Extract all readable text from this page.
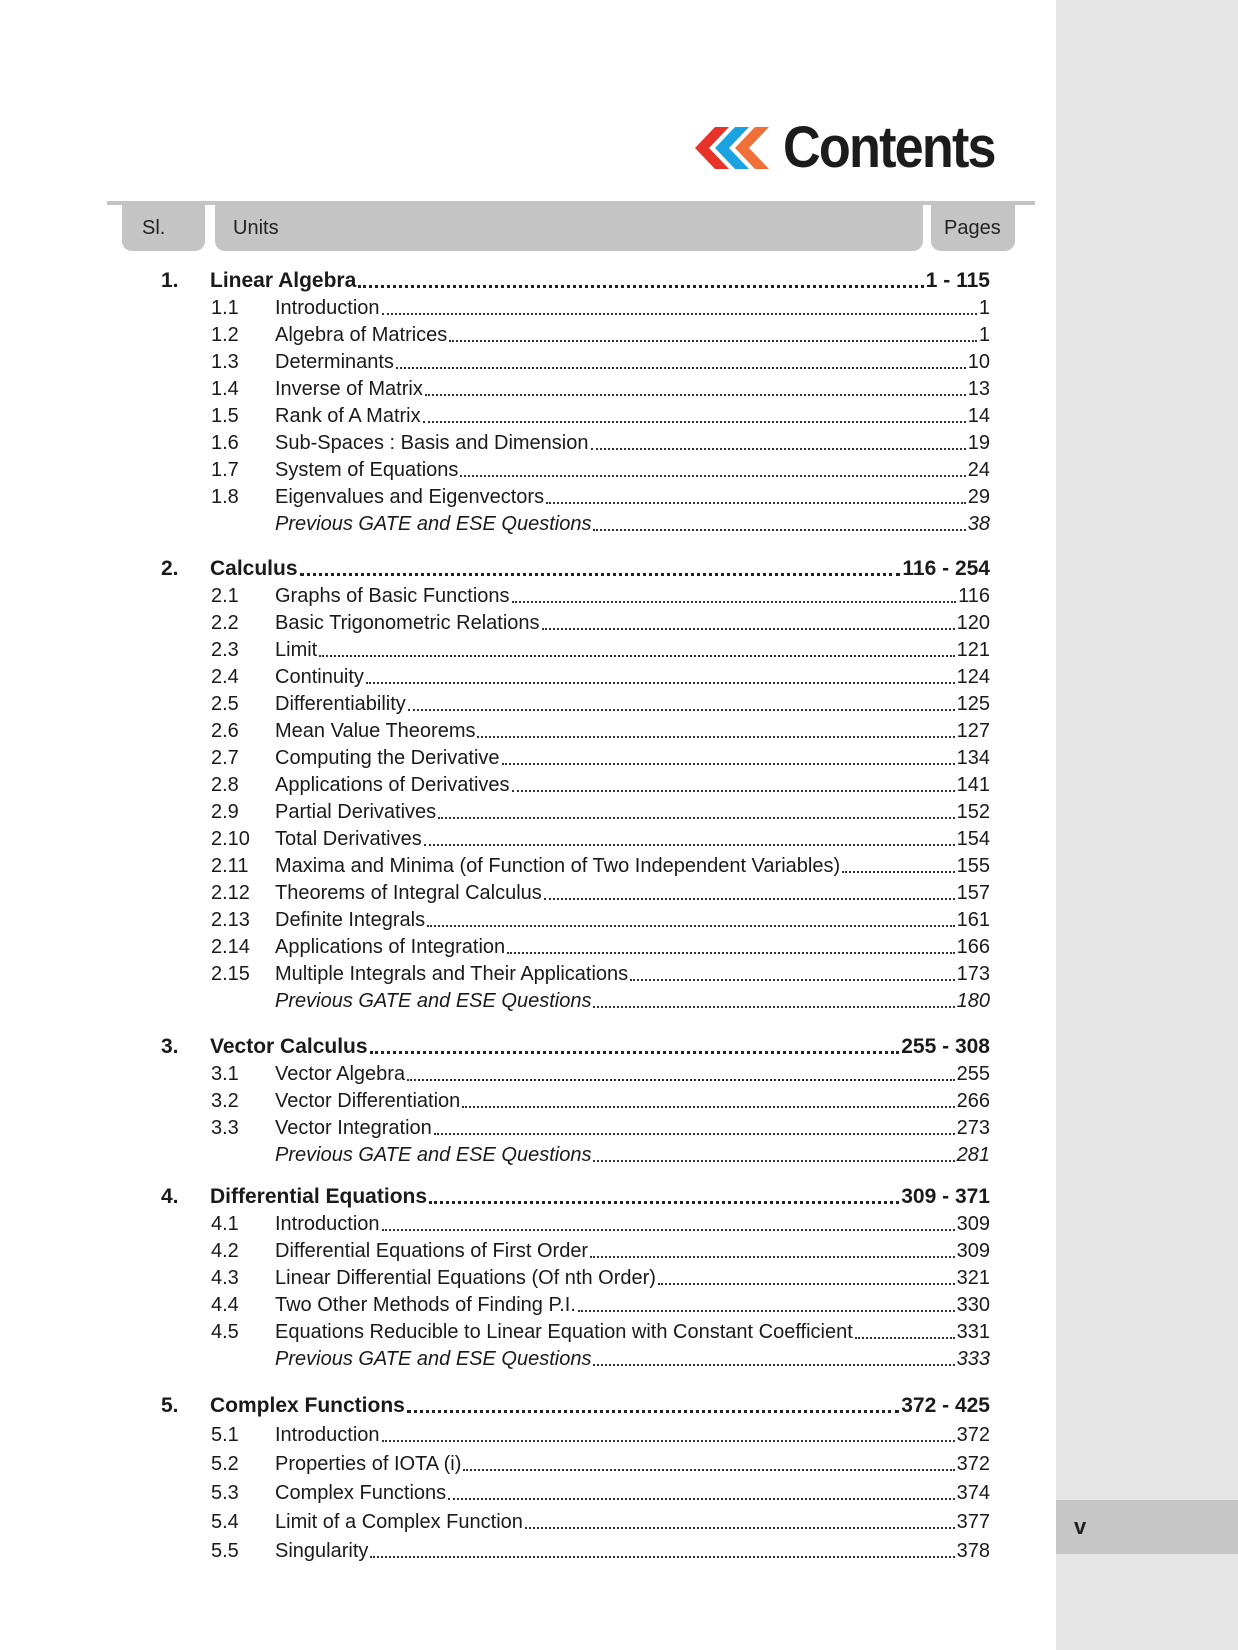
v
Contents
Sl.	Units	Pages
1. Linear Algebra	1 - 115
1.1 Introduction	1
1.2 Algebra of Matrices	1
1.3 Determinants	10
1.4 Inverse of Matrix	13
1.5 Rank of A Matrix	14
1.6 Sub-Spaces : Basis and Dimension	19
1.7 System of Equations	24
1.8 Eigenvalues and Eigenvectors	29
Previous GATE and ESE Questions	38
2. Calculus	116 - 254
2.1 Graphs of Basic Functions	116
2.2 Basic Trigonometric Relations	120
2.3 Limit	121
2.4 Continuity	124
2.5 Differentiability	125
2.6 Mean Value Theorems	127
2.7 Computing the Derivative	134
2.8 Applications of Derivatives	141
2.9 Partial Derivatives	152
2.10 Total Derivatives	154
2.11 Maxima and Minima (of Function of Two Independent Variables)	155
2.12 Theorems of Integral Calculus	157
2.13 Definite Integrals	161
2.14 Applications of Integration	166
2.15 Multiple Integrals and Their Applications	173
Previous GATE and ESE Questions	180
3. Vector Calculus	255 - 308
3.1 Vector Algebra	255
3.2 Vector Differentiation	266
3.3 Vector Integration	273
Previous GATE and ESE Questions	281
4. Differential Equations	309 - 371
4.1 Introduction	309
4.2 Differential Equations of First Order	309
4.3 Linear Differential Equations (Of nth Order)	321
4.4 Two Other Methods of Finding P.I.	330
4.5 Equations Reducible to Linear Equation with Constant Coefficient	331
Previous GATE and ESE Questions	333
5. Complex Functions	372 - 425
5.1 Introduction	372
5.2 Properties of IOTA (i)	372
5.3 Complex Functions	374
5.4 Limit of a Complex Function	377
5.5 Singularity	378
